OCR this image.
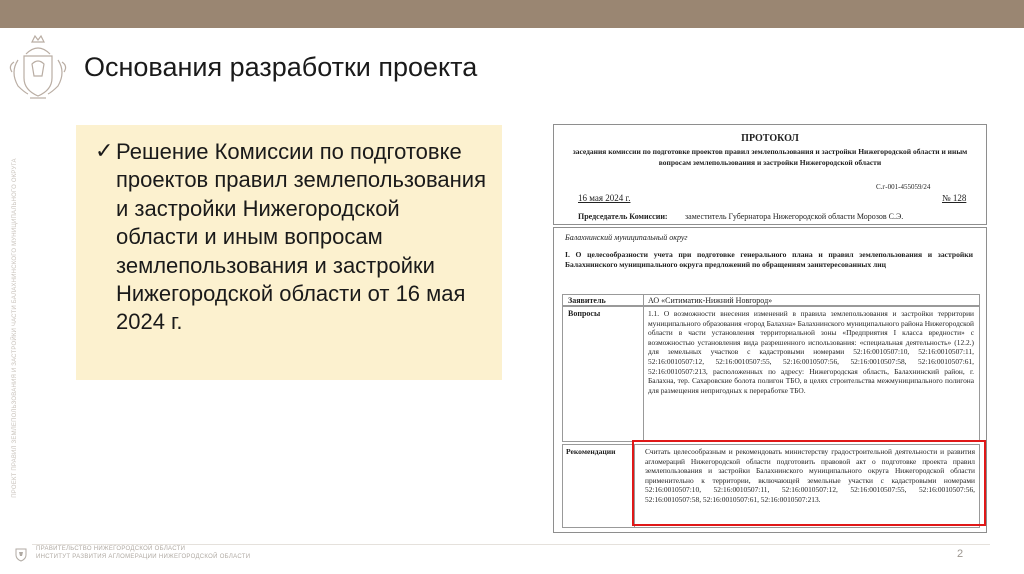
ПРОЕКТ ПРАВИЛ ЗЕМЛЕПОЛЬЗОВАНИЯ И ЗАСТРОЙКИ ЧАСТИ БАЛАХНИНСКОГО МУНИЦИПАЛЬНОГО ОКРУГА
Основания разработки проекта
✓ Решение Комиссии по подготовке проектов правил землепользования и застройки Нижегородской области и иным вопросам землепользования и застройки Нижегородской области от 16 мая 2024 г.
ПРОТОКОЛ
заседания комиссии по подготовке проектов правил землепользования и застройки Нижегородской области и иным вопросам землепользования и застройки Нижегородской области
С.г-001-455059/24
16 мая 2024 г.	№ 128
Председатель Комиссии: заместитель Губернатора Нижегородской области Морозов С.Э.
Балахнинский муниципальный округ
I. О целесообразности учета при подготовке генерального плана и правил землепользования и застройки Балахнинского муниципального округа предложений по обращениям заинтересованных лиц
Заявитель	АО «Ситиматик-Нижний Новгород»
Вопросы	1.1. О возможности внесения изменений в правила землепользования и застройки территории муниципального образования «город Балахна» Балахнинского муниципального района Нижегородской области в части установления территориальной зоны «Предприятия I класса вредности» с возможностью установления вида разрешенного использования: «специальная деятельность» (12.2.) для земельных участков с кадастровыми номерами 52:16:0010507:10, 52:16:0010507:11, 52:16:0010507:12, 52:16:0010507:55, 52:16:0010507:56, 52:16:0010507:58, 52:16:0010507:61, 52:16:0010507:213, расположенных по адресу: Нижегородская область, Балахнинский район, г. Балахна, тер. Сахаровские болота полигон ТБО, в целях строительства межмуниципального полигона для размещения непригодных к переработке ТБО.
Рекомендации	Считать целесообразным и рекомендовать министерству градостроительной деятельности и развития агломераций Нижегородской области подготовить правовой акт о подготовке проекта правил землепользования и застройки Балахнинского муниципального округа Нижегородской области применительно к территории, включающей земельные участки с кадастровыми номерами 52:16:0010507:10, 52:16:0010507:11, 52:16:0010507:12, 52:16:0010507:55, 52:16:0010507:56, 52:16:0010507:58, 52:16:0010507:61, 52:16:0010507:213.
ПРАВИТЕЛЬСТВО НИЖЕГОРОДСКОЙ ОБЛАСТИ
ИНСТИТУТ РАЗВИТИЯ АГЛОМЕРАЦИИ НИЖЕГОРОДСКОЙ ОБЛАСТИ	2
